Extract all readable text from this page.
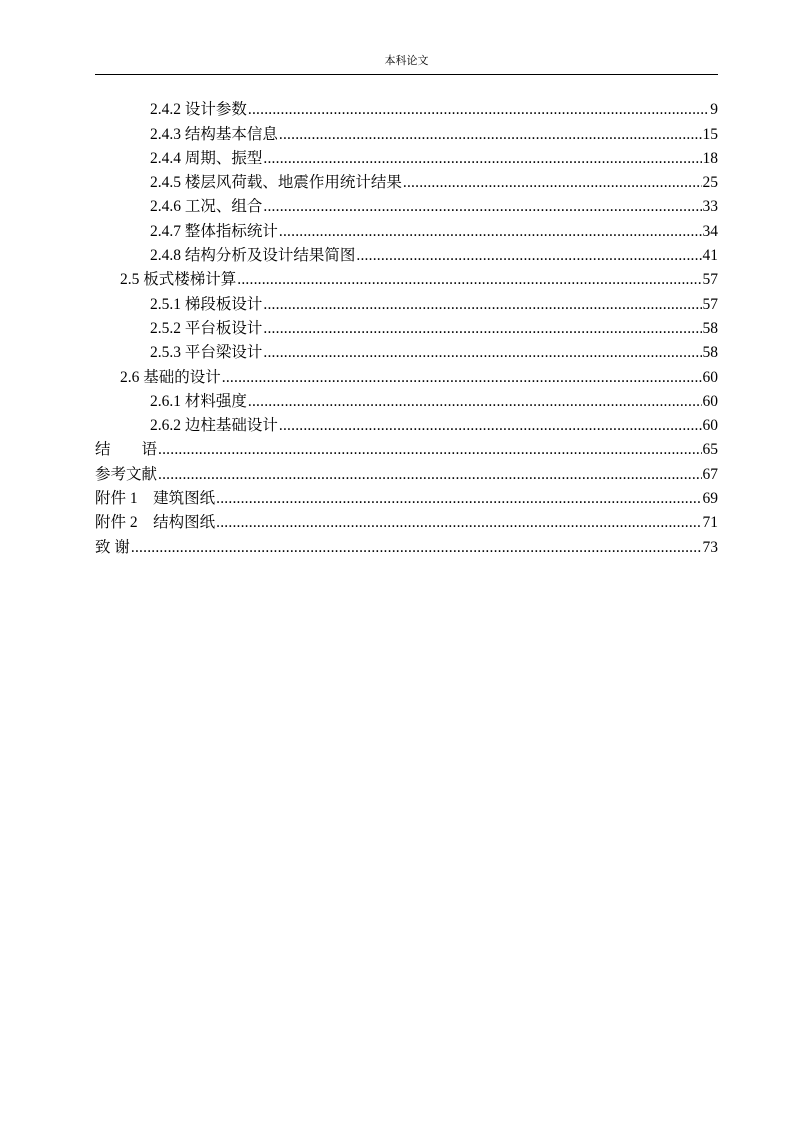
本科论文
2.4.2 设计参数 .....	9
2.4.3 结构基本信息 .....	15
2.4.4 周期、振型 .....	18
2.4.5 楼层风荷载、地震作用统计结果 .....	25
2.4.6 工况、组合 .....	33
2.4.7 整体指标统计 .....	34
2.4.8 结构分析及设计结果简图 .....	41
2.5 板式楼梯计算 .....	57
2.5.1 梯段板设计 .....	57
2.5.2 平台板设计 .....	58
2.5.3 平台梁设计 .....	58
2.6 基础的设计 .....	60
2.6.1 材料强度 .....	60
2.6.2 边柱基础设计 .....	60
结　　语 .....	65
参考文献 .....	67
附件 1　建筑图纸 .....	69
附件 2　结构图纸 .....	71
致 谢 .....	73
